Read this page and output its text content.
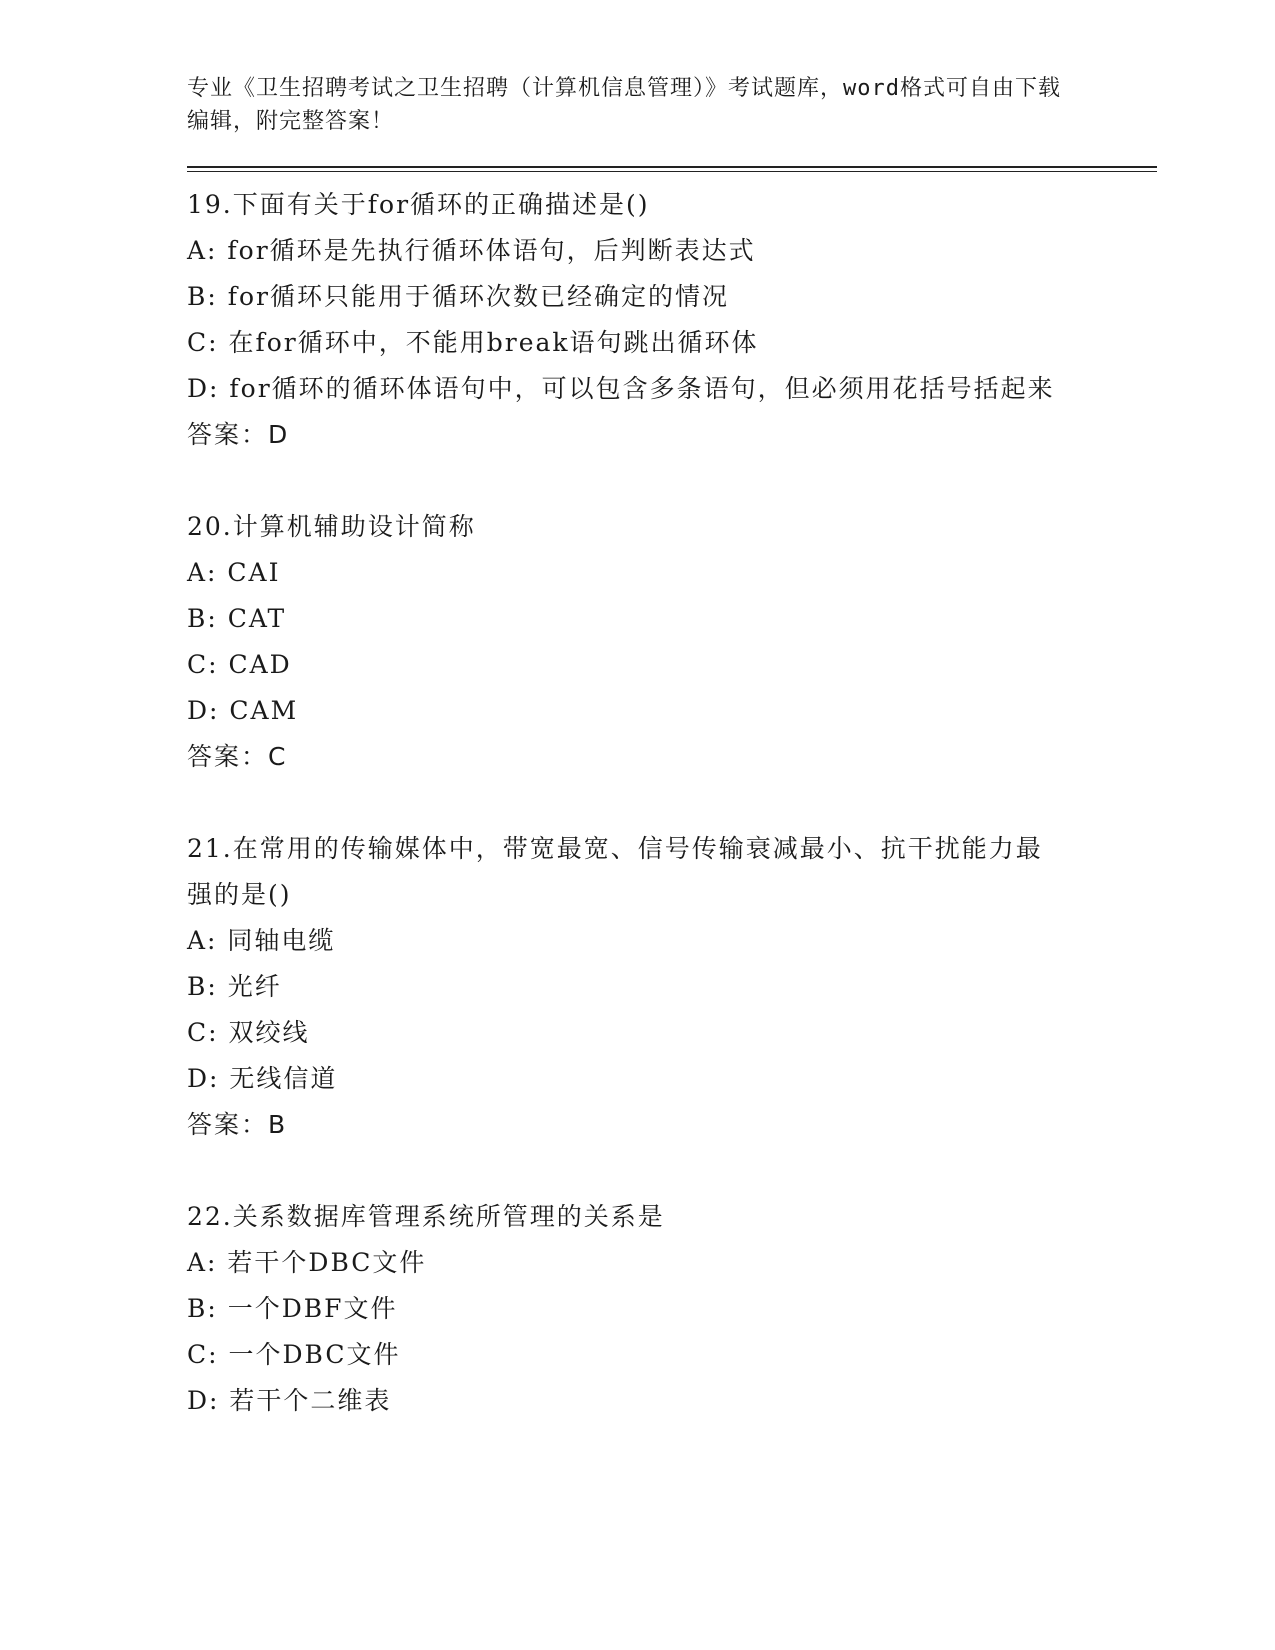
专业《卫生招聘考试之卫生招聘（计算机信息管理）》考试题库，word格式可自由下载编辑，附完整答案！
19.下面有关于for循环的正确描述是()
A: for循环是先执行循环体语句，后判断表达式
B: for循环只能用于循环次数已经确定的情况
C: 在for循环中，不能用break语句跳出循环体
D: for循环的循环体语句中，可以包含多条语句，但必须用花括号括起来
答案：D
20.计算机辅助设计简称
A: CAI
B: CAT
C: CAD
D: CAM
答案：C
21.在常用的传输媒体中，带宽最宽、信号传输衰减最小、抗干扰能力最强的是()
A: 同轴电缆
B: 光纤
C: 双绞线
D: 无线信道
答案：B
22.关系数据库管理系统所管理的关系是
A: 若干个DBC文件
B: 一个DBF文件
C: 一个DBC文件
D: 若干个二维表
